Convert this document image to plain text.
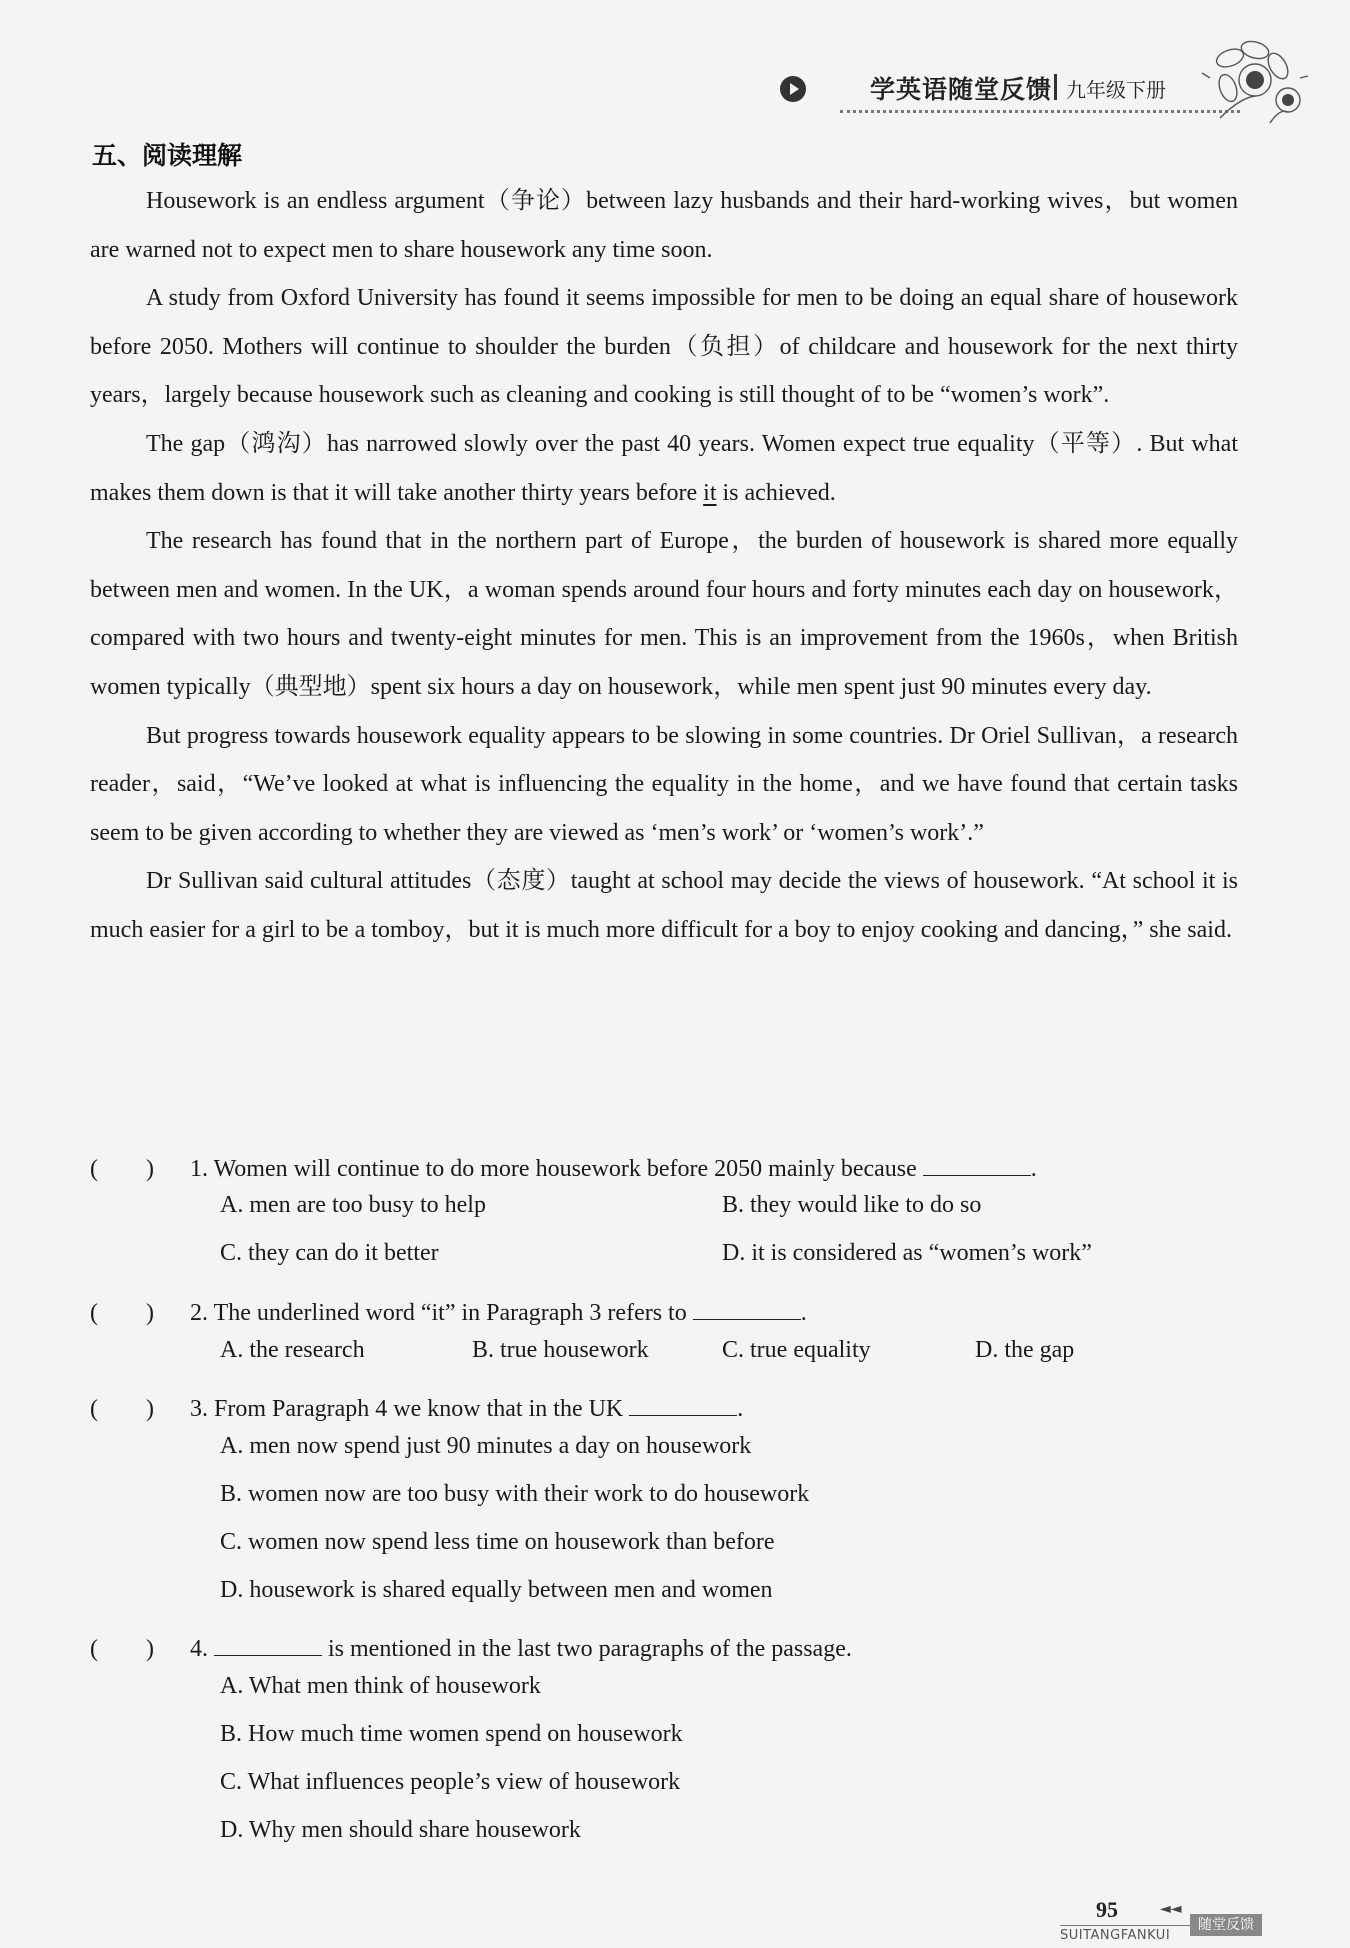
学英语随堂反馈 九年级下册
五、阅读理解

Housework is an endless argument（争论）between lazy husbands and their hard-working wives，but women are warned not to expect men to share housework any time soon.

A study from Oxford University has found it seems impossible for men to be doing an equal share of housework before 2050. Mothers will continue to shoulder the burden（负担）of childcare and housework for the next thirty years，largely because housework such as cleaning and cooking is still thought of to be “women’s work”.

The gap（鸿沟）has narrowed slowly over the past 40 years. Women expect true equality（平等）. But what makes them down is that it will take another thirty years before it is achieved.

The research has found that in the northern part of Europe，the burden of housework is shared more equally between men and women. In the UK，a woman spends around four hours and forty minutes each day on housework，compared with two hours and twenty-eight minutes for men. This is an improvement from the 1960s，when British women typically（典型地）spent six hours a day on housework，while men spent just 90 minutes every day.

But progress towards housework equality appears to be slowing in some countries. Dr Oriel Sullivan，a research reader，said，“We’ve looked at what is influencing the equality in the home，and we have found that certain tasks seem to be given according to whether they are viewed as ‘men’s work’ or ‘women’s work’.”

Dr Sullivan said cultural attitudes（态度）taught at school may decide the views of housework. “At school it is much easier for a girl to be a tomboy，but it is much more difficult for a boy to enjoy cooking and dancing，” she said.

(　　) 1. Women will continue to do more housework before 2050 mainly because	.
A. men are too busy to help	B. they would like to do so
C. they can do it better	D. it is considered as “women’s work”
(　　) 2. The underlined word “it” in Paragraph 3 refers to	.
A. the research	B. true housework	C. true equality	D. the gap
(　　) 3. From Paragraph 4 we know that in the UK	.
A. men now spend just 90 minutes a day on housework
B. women now are too busy with their work to do housework
C. women now spend less time on housework than before
D. housework is shared equally between men and women
(　　) 4.	is mentioned in the last two paragraphs of the passage.
A. What men think of housework
B. How much time women spend on housework
C. What influences people’s view of housework
D. Why men should share housework
95	◄◄
SUITANGFANKUI
随堂反馈
